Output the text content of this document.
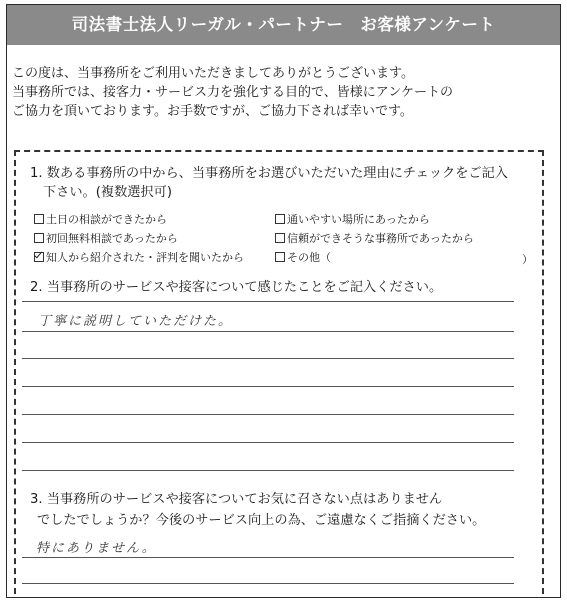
司法書士法人リーガル・パートナー　お客様アンケート

この度は、当事務所をご利用いただきましてありがとうございます。

当事務所では、接客力・サービス力を強化する目的で、皆様にアンケートの

ご協力を頂いております。お手数ですが、ご協力下されば幸いです。

1. 数ある事務所の中から、当事務所をお選びいただいた理由にチェックをご記入
下さい。(複数選択可)
土日の相談ができたから	通いやすい場所にあったから
初回無料相談であったから	信頼ができそうな事務所であったから
知人から紹介された・評判を聞いたから	その他（	）
2. 当事務所のサービスや接客について感じたことをご記入ください。
丁寧に説明していただけた。
3. 当事務所のサービスや接客についてお気に召さない点はありません
でしたでしょうか？今後のサービス向上の為、ご遠慮なくご指摘ください。
特にありません。
